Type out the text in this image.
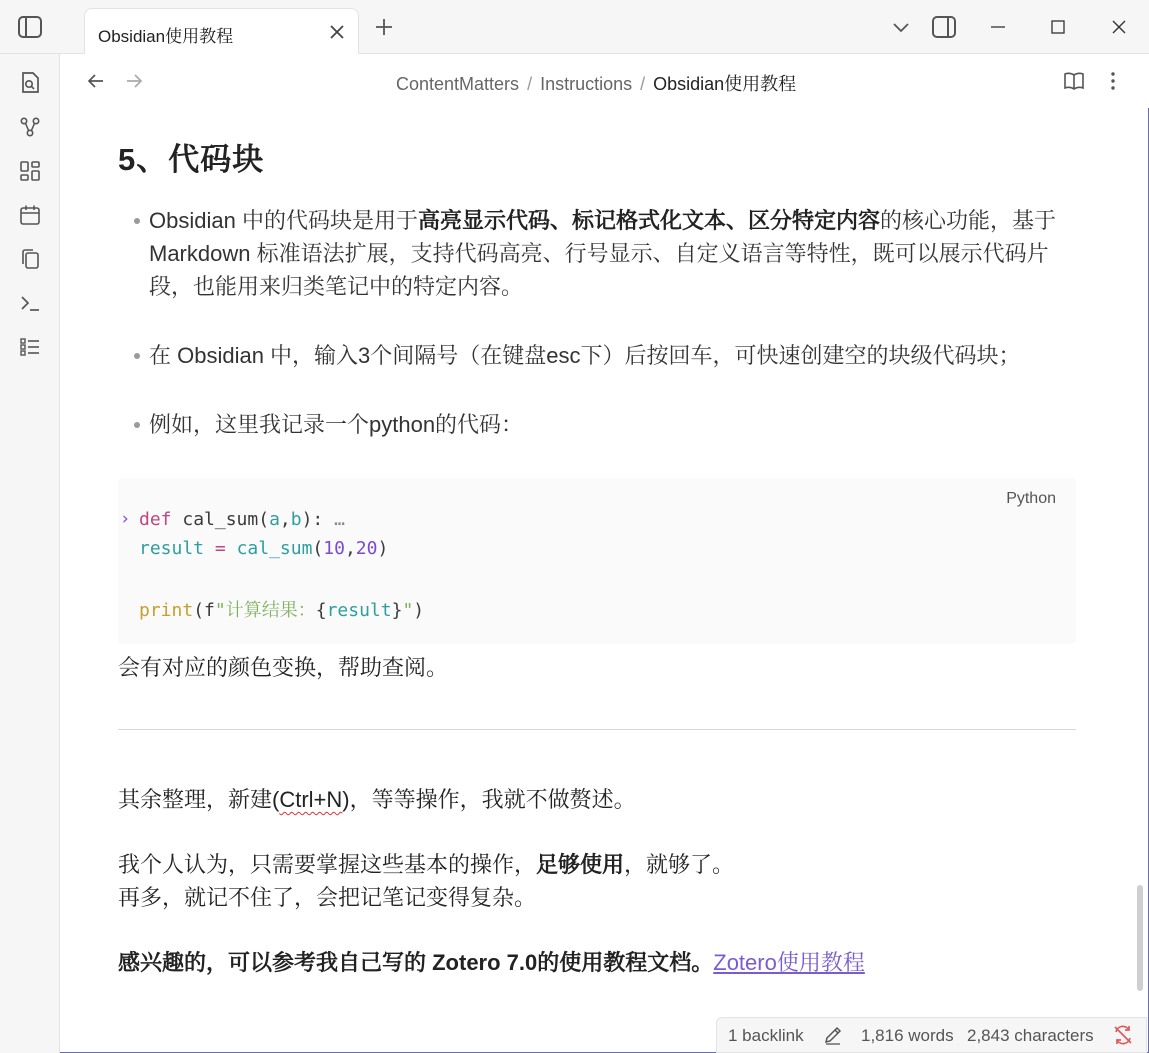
Obsidian使用教程
ContentMatters / Instructions / Obsidian使用教程
5、代码块
Obsidian 中的代码块是用于高亮显示代码、标记格式化文本、区分特定内容的核心功能，基于
Markdown 标准语法扩展，支持代码高亮、行号显示、自定义语言等特性，既可以展示代码片
段，也能用来归类笔记中的特定内容。
在 Obsidian 中，输入3个间隔号（在键盘esc下）后按回车，可快速创建空的块级代码块；
例如，这里我记录一个python的代码：
Python
› def cal_sum(a,b): …
result = cal_sum(10,20)
print(f"计算结果：{result}")
会有对应的颜色变换，帮助查阅。
其余整理，新建(Ctrl+N)，等等操作，我就不做赘述。
我个人认为，只需要掌握这些基本的操作，足够使用，就够了。
再多，就记不住了，会把记笔记变得复杂。
感兴趣的，可以参考我自己写的 Zotero 7.0的使用教程文档。Zotero使用教程
1 backlink	1,816 words 2,843 characters
